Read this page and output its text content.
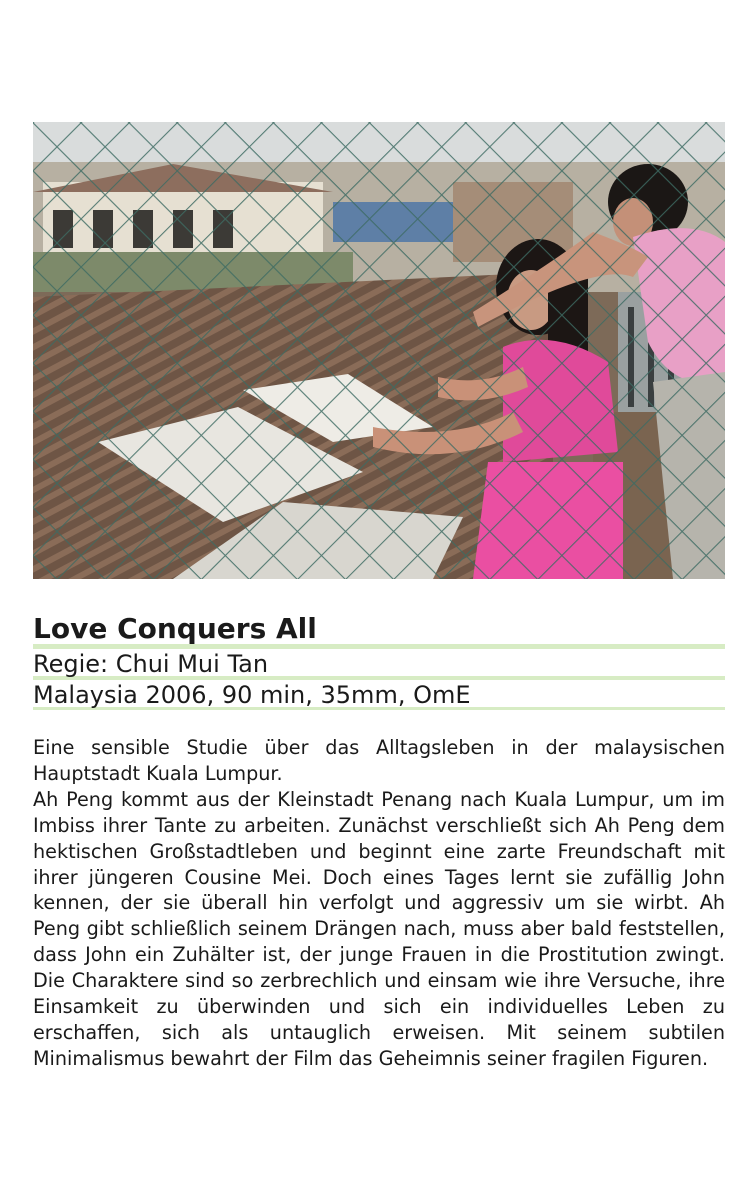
Love Conquers All
Regie: Chui Mui Tan
Malaysia 2006, 90 min, 35mm, OmE

Eine sensible Studie über das Alltagsleben in der malaysischen Hauptstadt Kuala Lumpur.

Ah Peng kommt aus der Kleinstadt Penang nach Kuala Lumpur, um im Imbiss ihrer Tante zu arbeiten. Zunächst verschließt sich Ah Peng dem hektischen Großstadtleben und beginnt eine zarte Freundschaft mit ihrer jüngeren Cousine Mei. Doch eines Tages lernt sie zufällig John kennen, der sie überall hin verfolgt und aggressiv um sie wirbt. Ah Peng gibt schließlich seinem Drängen nach, muss aber bald feststellen, dass John ein Zuhälter ist, der junge Frauen in die Prostitution zwingt. Die Charaktere sind so zerbrechlich und einsam wie ihre Versuche, ihre Einsamkeit zu überwinden und sich ein individuelles Leben zu erschaffen, sich als untauglich erweisen. Mit seinem subtilen Minimalismus bewahrt der Film das Geheimnis seiner fragilen Figuren.
